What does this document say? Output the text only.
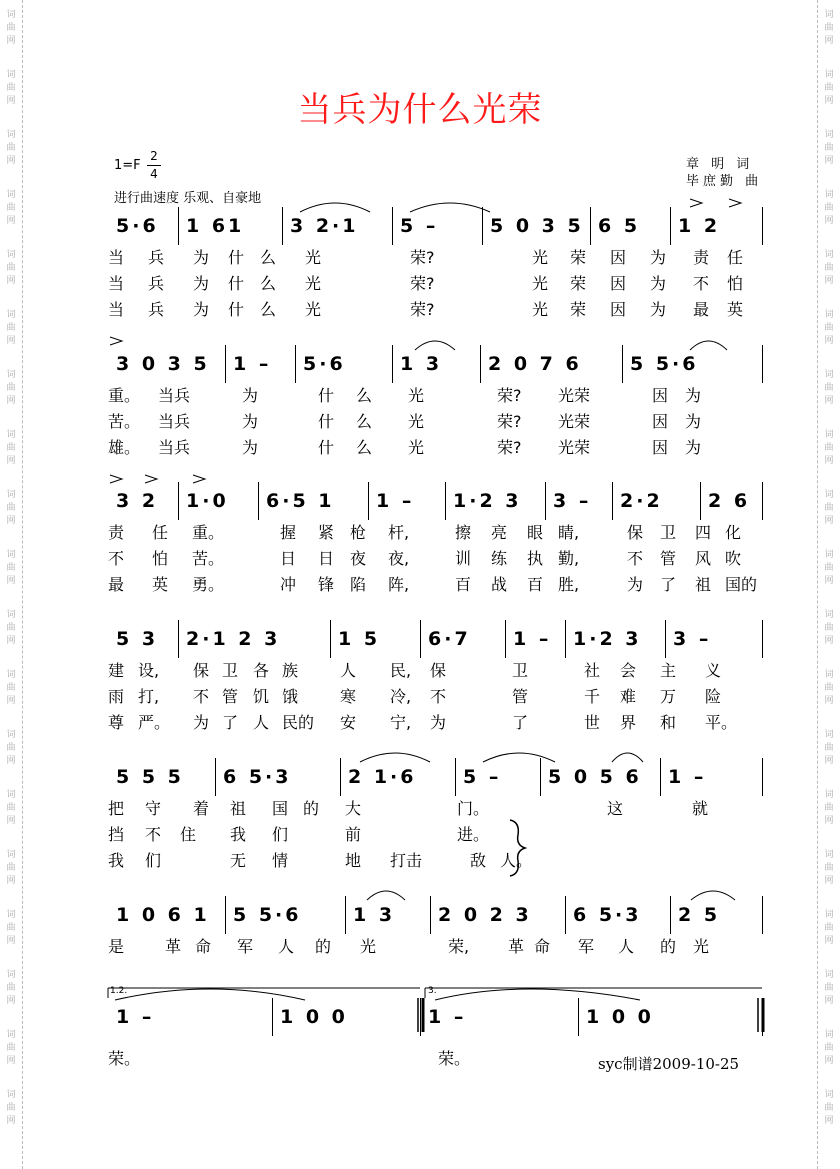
词
曲
网
词
曲
网
词
曲
网
词
曲
网
词
曲
网
词
曲
网
词
曲
网
词
曲
网
词
曲
网
词
曲
网
词
曲
网
词
曲
网
词
曲
网
词
曲
网
词
曲
网
词
曲
网
词
曲
网
词
曲
网
词
曲
网
词
曲
网
词
曲
网
词
曲
网
词
曲
网
词
曲
网
词
曲
网
词
曲
网
词
曲
网
词
曲
网
词
曲
网
词
曲
网
词
曲
网
词
曲
网
词
曲
网
词
曲
网
词
曲
网
词
曲
网
词
曲
网
词
曲
网
当兵为什么光荣
1=F
2
4
进行曲速度 乐观、自豪地
章 明 词
毕庶勤 曲
5·6	1 61	3 2·1	5 –	5 0 3 5 6 5	1 2
当 兵 为 什 么 光	荣?	光 荣 因 为 责 任
当 兵 为 什 么 光	荣?	光 荣 因 为 不 怕
当 兵 为 什 么 光	荣?	光 荣 因 为 最 英
3 0 3 5	1 –	5·6	1 3	2 0 7 6	5 5·6
重。 当兵	为	什 么 光	荣? 光荣	因 为
苦。 当兵	为	什 么 光	荣? 光荣	因 为
雄。 当兵	为	什 么 光	荣? 光荣	因 为
3 2	1·0	6·5 1	1 –	1·2 3	3 –	2·2	2 6
责 任 重。	握 紧 枪 杆,	擦 亮 眼 睛,	保 卫 四 化
不 怕 苦。	日 日 夜 夜,	训 练 执 勤,	不 管 风 吹
最 英 勇。	冲 锋 陷 阵,	百 战 百 胜,	为 了 祖 国的
5 3	2·1 2 3	1 5	6·7	1 –	1·2 3	3 –
建 设, 保 卫 各 族	人 民, 保	卫	社 会 主 义
雨 打, 不 管 饥 饿	寒 冷, 不	管	千 难 万 险
尊 严。 为 了 人 民的 安 宁, 为	了	世 界 和 平。
5 5 5	6 5·3	2 1·6	5 –	5 0 5 6	1 –
把 守 着 祖 国 的 大	门。	这	就
挡 不 住 我 们	前	进。
我 们	无 情	地 打击	敌 人。
1 0 6 1	5 5·6	1 3	2 0 2 3	6 5·3	2 5
是	革 命 军 人 的 光	荣, 革 命 军 人 的 光
1 –	1 0 0	1 –	1 0 0
1.2.	3.
荣。	荣。	syc制谱2009-10-25
